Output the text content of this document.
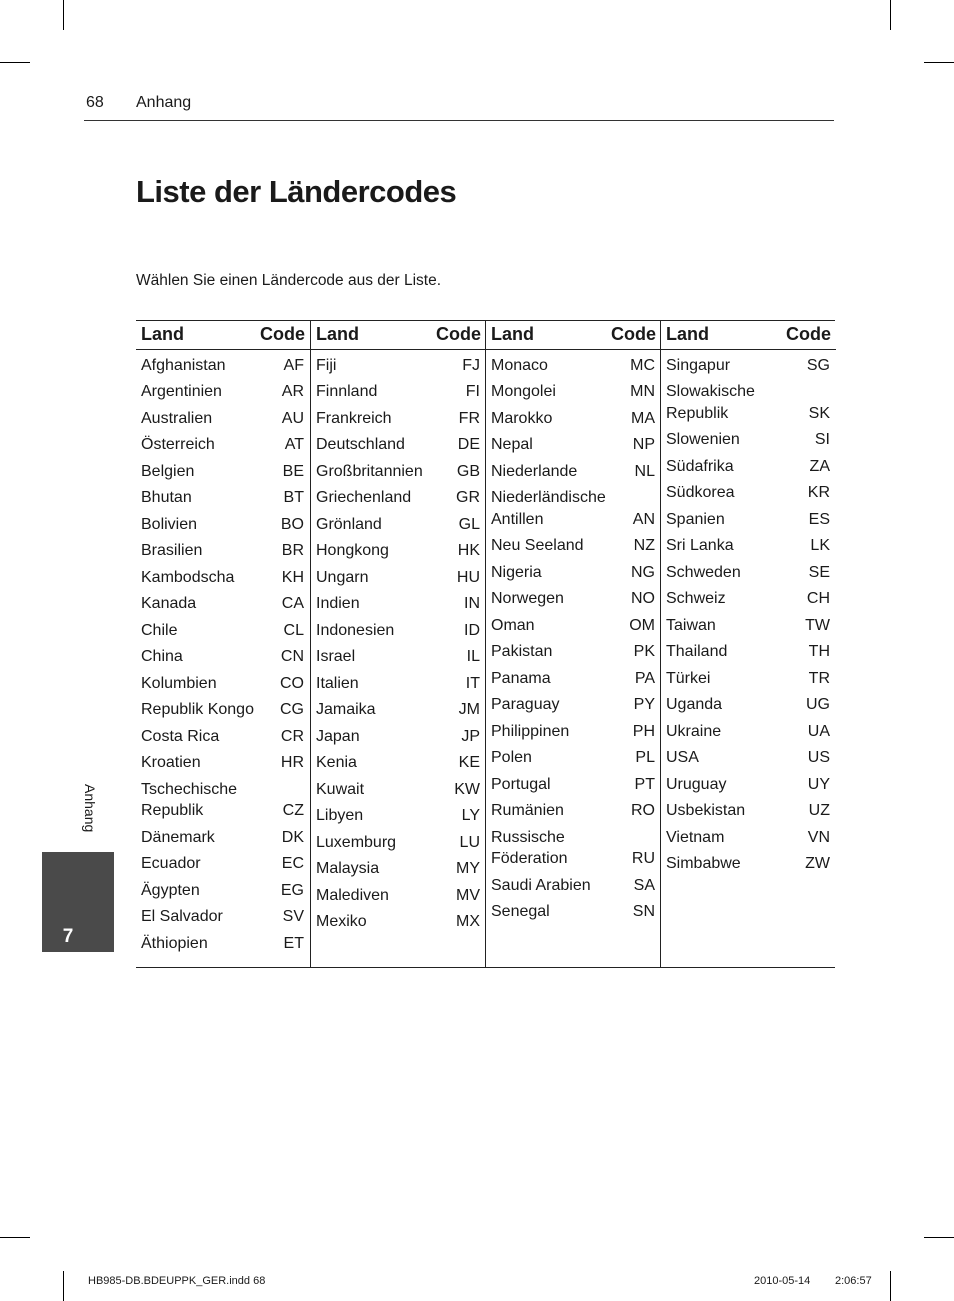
68 Anhang
Liste der Ländercodes
Wählen Sie einen Ländercode aus der Liste.
Anhang
7
Land	Code
Afghanistan	AF
Argentinien	AR
Australien	AU
Österreich	AT
Belgien	BE
Bhutan	BT
Bolivien	BO
Brasilien	BR
Kambodscha	KH
Kanada	CA
Chile	CL
China	CN
Kolumbien	CO
Republik Kongo	CG
Costa Rica	CR
Kroatien	HR
Tschechische Republik	CZ
Dänemark	DK
Ecuador	EC
Ägypten	EG
El Salvador	SV
Äthiopien	ET
Land	Code
Fiji	FJ
Finnland	FI
Frankreich	FR
Deutschland	DE
Großbritannien	GB
Griechenland	GR
Grönland	GL
Hongkong	HK
Ungarn	HU
Indien	IN
Indonesien	ID
Israel	IL
Italien	IT
Jamaika	JM
Japan	JP
Kenia	KE
Kuwait	KW
Libyen	LY
Luxemburg	LU
Malaysia	MY
Malediven	MV
Mexiko	MX
Land	Code
Monaco	MC
Mongolei	MN
Marokko	MA
Nepal	NP
Niederlande	NL
Niederländische Antillen	AN
Neu Seeland	NZ
Nigeria	NG
Norwegen	NO
Oman	OM
Pakistan	PK
Panama	PA
Paraguay	PY
Philippinen	PH
Polen	PL
Portugal	PT
Rumänien	RO
Russische Föderation	RU
Saudi Arabien	SA
Senegal	SN
Land	Code
Singapur	SG
Slowakische Republik	SK
Slowenien	SI
Südafrika	ZA
Südkorea	KR
Spanien	ES
Sri Lanka	LK
Schweden	SE
Schweiz	CH
Taiwan	TW
Thailand	TH
Türkei	TR
Uganda	UG
Ukraine	UA
USA	US
Uruguay	UY
Usbekistan	UZ
Vietnam	VN
Simbabwe	ZW
HB985-DB.BDEUPPK_GER.indd 68	2010-05-14 2:06:57
